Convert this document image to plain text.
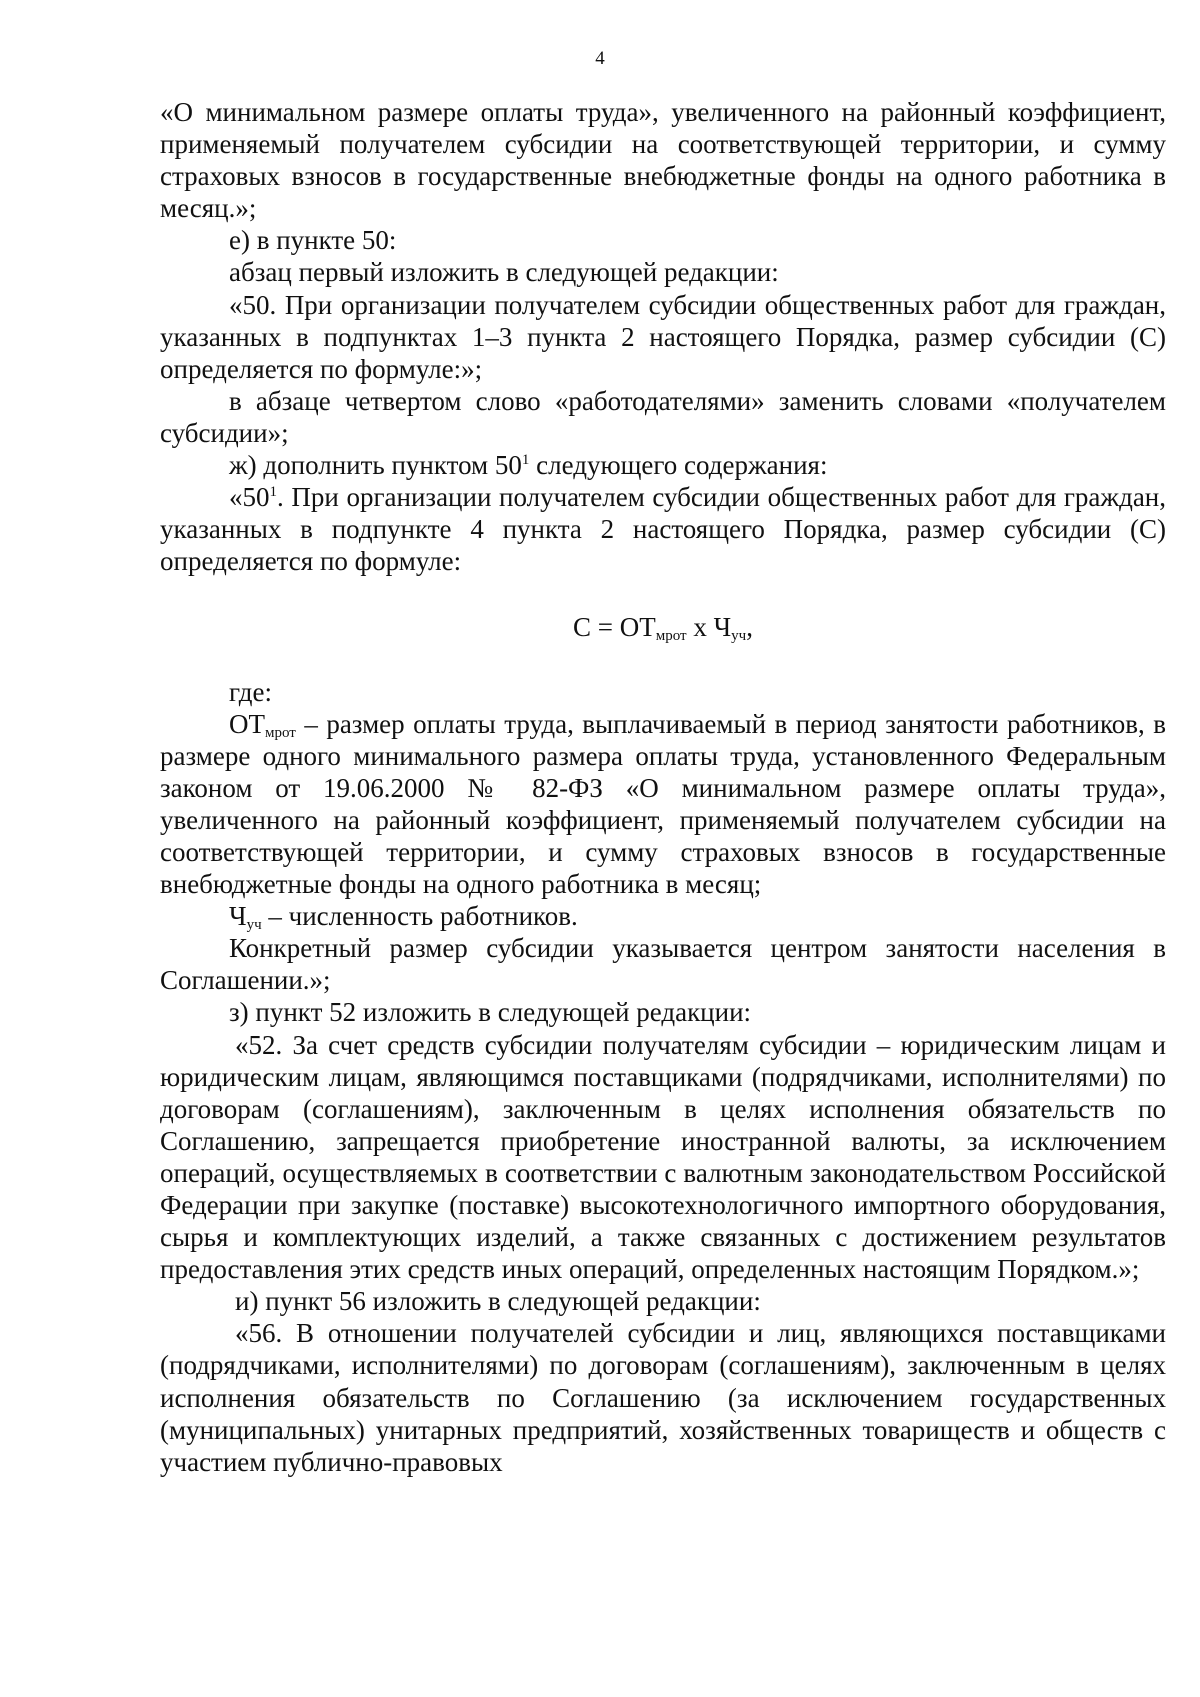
4

«О минимальном размере оплаты труда», увеличенного на районный коэффициент, применяемый получателем субсидии на соответствующей территории, и сумму страховых взносов в государственные внебюджетные фонды на одного работника в месяц.»;

е) в пункте 50:

абзац первый изложить в следующей редакции:

«50. При организации получателем субсидии общественных работ для граждан, указанных в подпунктах 1–3 пункта 2 настоящего Порядка, размер субсидии (С) определяется по формуле:»;

в абзаце четвертом слово «работодателями» заменить словами «получателем субсидии»;

ж) дополнить пунктом $50^1$ следующего содержания:

«$50^1$. При организации получателем субсидии общественных работ для граждан, указанных в подпункте 4 пункта 2 настоящего Порядка, размер субсидии (С) определяется по формуле:

$С = ОТ_{мрот}$ х $Ч_{уч}$,

где:

$ОТ_{мрот}$ – размер оплаты труда, выплачиваемый в период занятости работников, в размере одного минимального размера оплаты труда, установленного Федеральным законом от 19.06.2000 № 82-ФЗ «О минимальном размере оплаты труда», увеличенного на районный коэффициент, применяемый получателем субсидии на соответствующей территории, и сумму страховых взносов в государственные внебюджетные фонды на одного работника в месяц;

$Ч_{уч}$ – численность работников.

Конкретный размер субсидии указывается центром занятости населения в Соглашении.»;

з) пункт 52 изложить в следующей редакции:

«52. За счет средств субсидии получателям субсидии – юридическим лицам и юридическим лицам, являющимся поставщиками (подрядчиками, исполнителями) по договорам (соглашениям), заключенным в целях исполнения обязательств по Соглашению, запрещается приобретение иностранной валюты, за исключением операций, осуществляемых в соответствии с валютным законодательством Российской Федерации при закупке (поставке) высокотехнологичного импортного оборудования, сырья и комплектующих изделий, а также связанных с достижением результатов предоставления этих средств иных операций, определенных настоящим Порядком.»;

и) пункт 56 изложить в следующей редакции:

«56. В отношении получателей субсидии и лиц, являющихся поставщиками (подрядчиками, исполнителями) по договорам (соглашениям), заключенным в целях исполнения обязательств по Соглашению (за исключением государственных (муниципальных) унитарных предприятий, хозяйственных товариществ и обществ с участием публично-правовых
